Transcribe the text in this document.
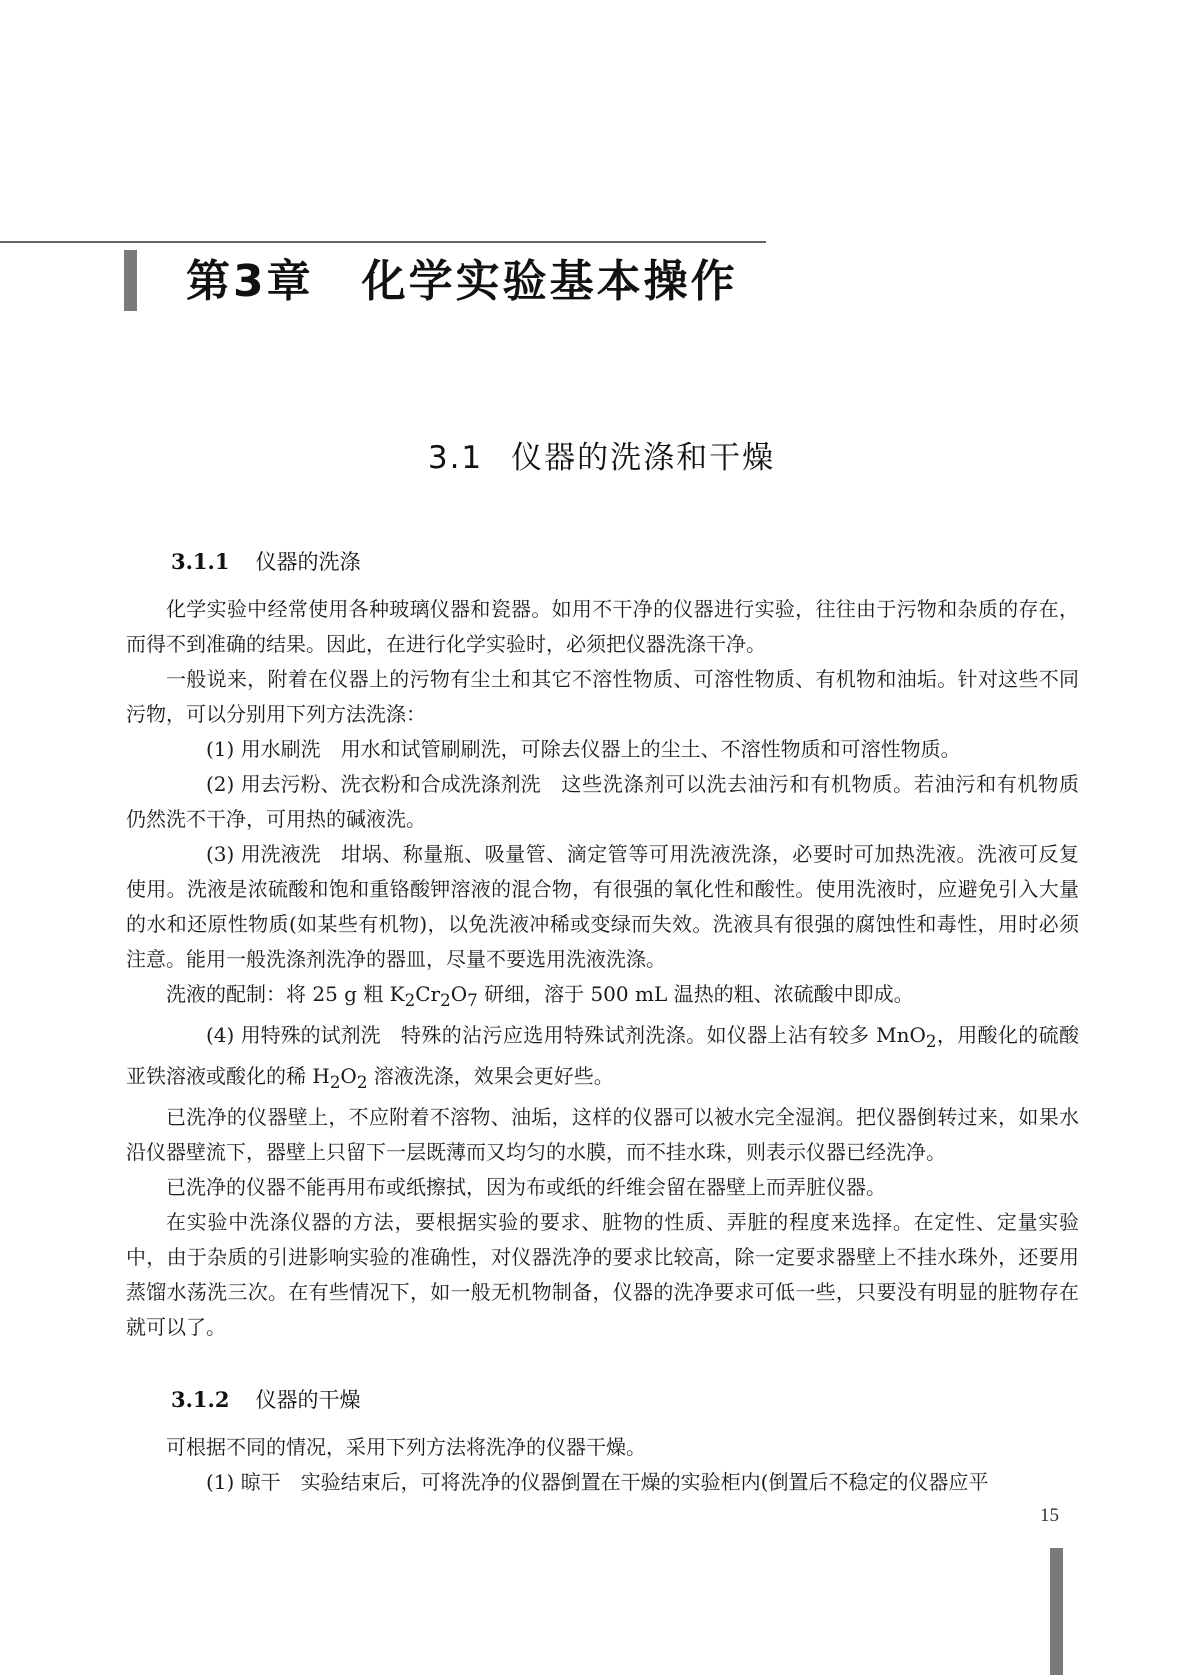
第3章 化学实验基本操作
3.1 仪器的洗涤和干燥
3.1.1 仪器的洗涤

化学实验中经常使用各种玻璃仪器和瓷器。如用不干净的仪器进行实验，往往由于污物和杂质的存在，而得不到准确的结果。因此，在进行化学实验时，必须把仪器洗涤干净。

一般说来，附着在仪器上的污物有尘土和其它不溶性物质、可溶性物质、有机物和油垢。针对这些不同污物，可以分别用下列方法洗涤：

(1) 用水刷洗 用水和试管刷刷洗，可除去仪器上的尘土、不溶性物质和可溶性物质。

(2) 用去污粉、洗衣粉和合成洗涤剂洗 这些洗涤剂可以洗去油污和有机物质。若油污和有机物质仍然洗不干净，可用热的碱液洗。

(3) 用洗液洗 坩埚、称量瓶、吸量管、滴定管等可用洗液洗涤，必要时可加热洗液。洗液可反复使用。洗液是浓硫酸和饱和重铬酸钾溶液的混合物，有很强的氧化性和酸性。使用洗液时，应避免引入大量的水和还原性物质(如某些有机物)，以免洗液冲稀或变绿而失效。洗液具有很强的腐蚀性和毒性，用时必须注意。能用一般洗涤剂洗净的器皿，尽量不要选用洗液洗涤。

洗液的配制：将 25 g 粗 $K_2Cr_2O_7$ 研细，溶于 500 mL 温热的粗、浓硫酸中即成。

(4) 用特殊的试剂洗 特殊的沾污应选用特殊试剂洗涤。如仪器上沾有较多 MnO$_2$，用酸化的硫酸亚铁溶液或酸化的稀 $H_2O_2$ 溶液洗涤，效果会更好些。

已洗净的仪器壁上，不应附着不溶物、油垢，这样的仪器可以被水完全湿润。把仪器倒转过来，如果水沿仪器壁流下，器壁上只留下一层既薄而又均匀的水膜，而不挂水珠，则表示仪器已经洗净。

已洗净的仪器不能再用布或纸擦拭，因为布或纸的纤维会留在器壁上而弄脏仪器。

在实验中洗涤仪器的方法，要根据实验的要求、脏物的性质、弄脏的程度来选择。在定性、定量实验中，由于杂质的引进影响实验的准确性，对仪器洗净的要求比较高，除一定要求器壁上不挂水珠外，还要用蒸馏水荡洗三次。在有些情况下，如一般无机物制备，仪器的洗净要求可低一些，只要没有明显的脏物存在就可以了。

3.1.2 仪器的干燥

可根据不同的情况，采用下列方法将洗净的仪器干燥。

(1) 晾干 实验结束后，可将洗净的仪器倒置在干燥的实验柜内(倒置后不稳定的仪器应平

15
